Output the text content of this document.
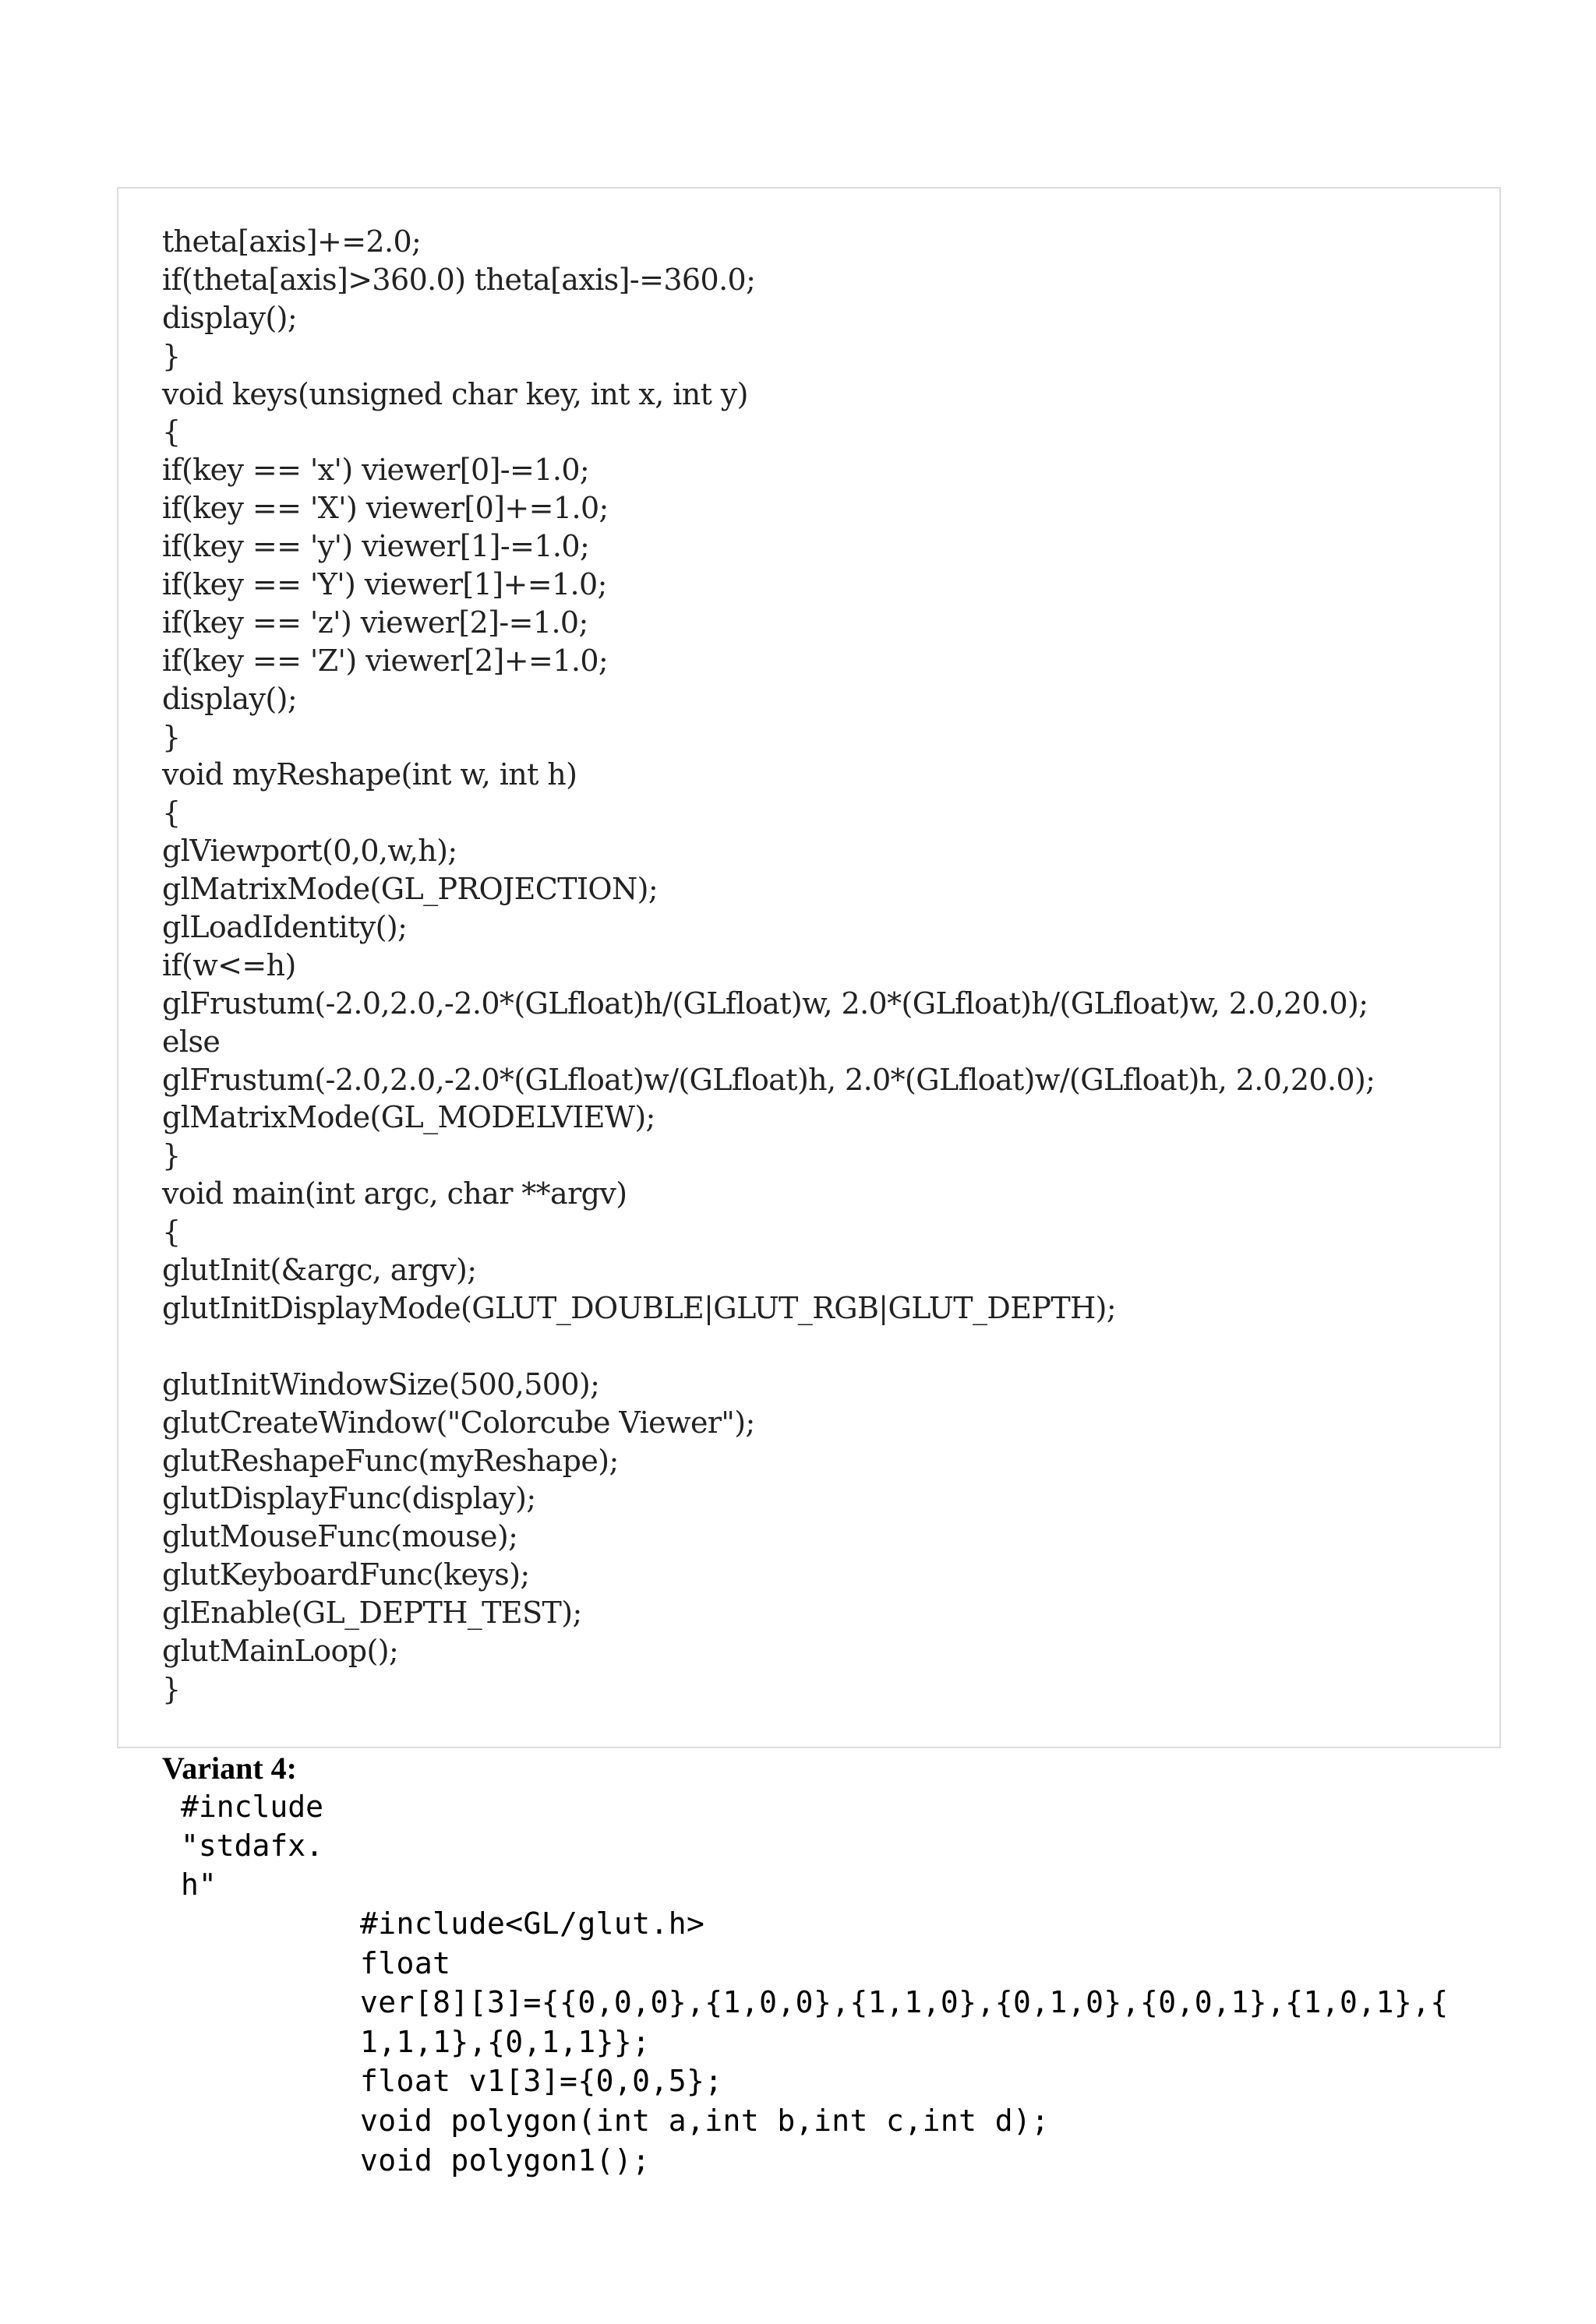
theta[axis]+=2.0;
if(theta[axis]>360.0) theta[axis]-=360.0;
display();
}
void keys(unsigned char key, int x, int y)
{
if(key == 'x') viewer[0]-=1.0;
if(key == 'X') viewer[0]+=1.0;
if(key == 'y') viewer[1]-=1.0;
if(key == 'Y') viewer[1]+=1.0;
if(key == 'z') viewer[2]-=1.0;
if(key == 'Z') viewer[2]+=1.0;
display();
}
void myReshape(int w, int h)
{
glViewport(0,0,w,h);
glMatrixMode(GL_PROJECTION);
glLoadIdentity();
if(w<=h)
glFrustum(-2.0,2.0,-2.0*(GLfloat)h/(GLfloat)w, 2.0*(GLfloat)h/(GLfloat)w, 2.0,20.0);
else
glFrustum(-2.0,2.0,-2.0*(GLfloat)w/(GLfloat)h, 2.0*(GLfloat)w/(GLfloat)h, 2.0,20.0);
glMatrixMode(GL_MODELVIEW);
}
void main(int argc, char **argv)
{
glutInit(&argc, argv);
glutInitDisplayMode(GLUT_DOUBLE|GLUT_RGB|GLUT_DEPTH);
glutInitWindowSize(500,500);
glutCreateWindow("Colorcube Viewer");
glutReshapeFunc(myReshape);
glutDisplayFunc(display);
glutMouseFunc(mouse);
glutKeyboardFunc(keys);
glEnable(GL_DEPTH_TEST);
glutMainLoop();
}
Variant 4:
#include
"stdafx.
h"
#include<GL/glut.h>
float
ver[8][3]={{0,0,0},{1,0,0},{1,1,0},{0,1,0},{0,0,1},{1,0,1},{
1,1,1},{0,1,1}};
float v1[3]={0,0,5};
void polygon(int a,int b,int c,int d);
void polygon1();
